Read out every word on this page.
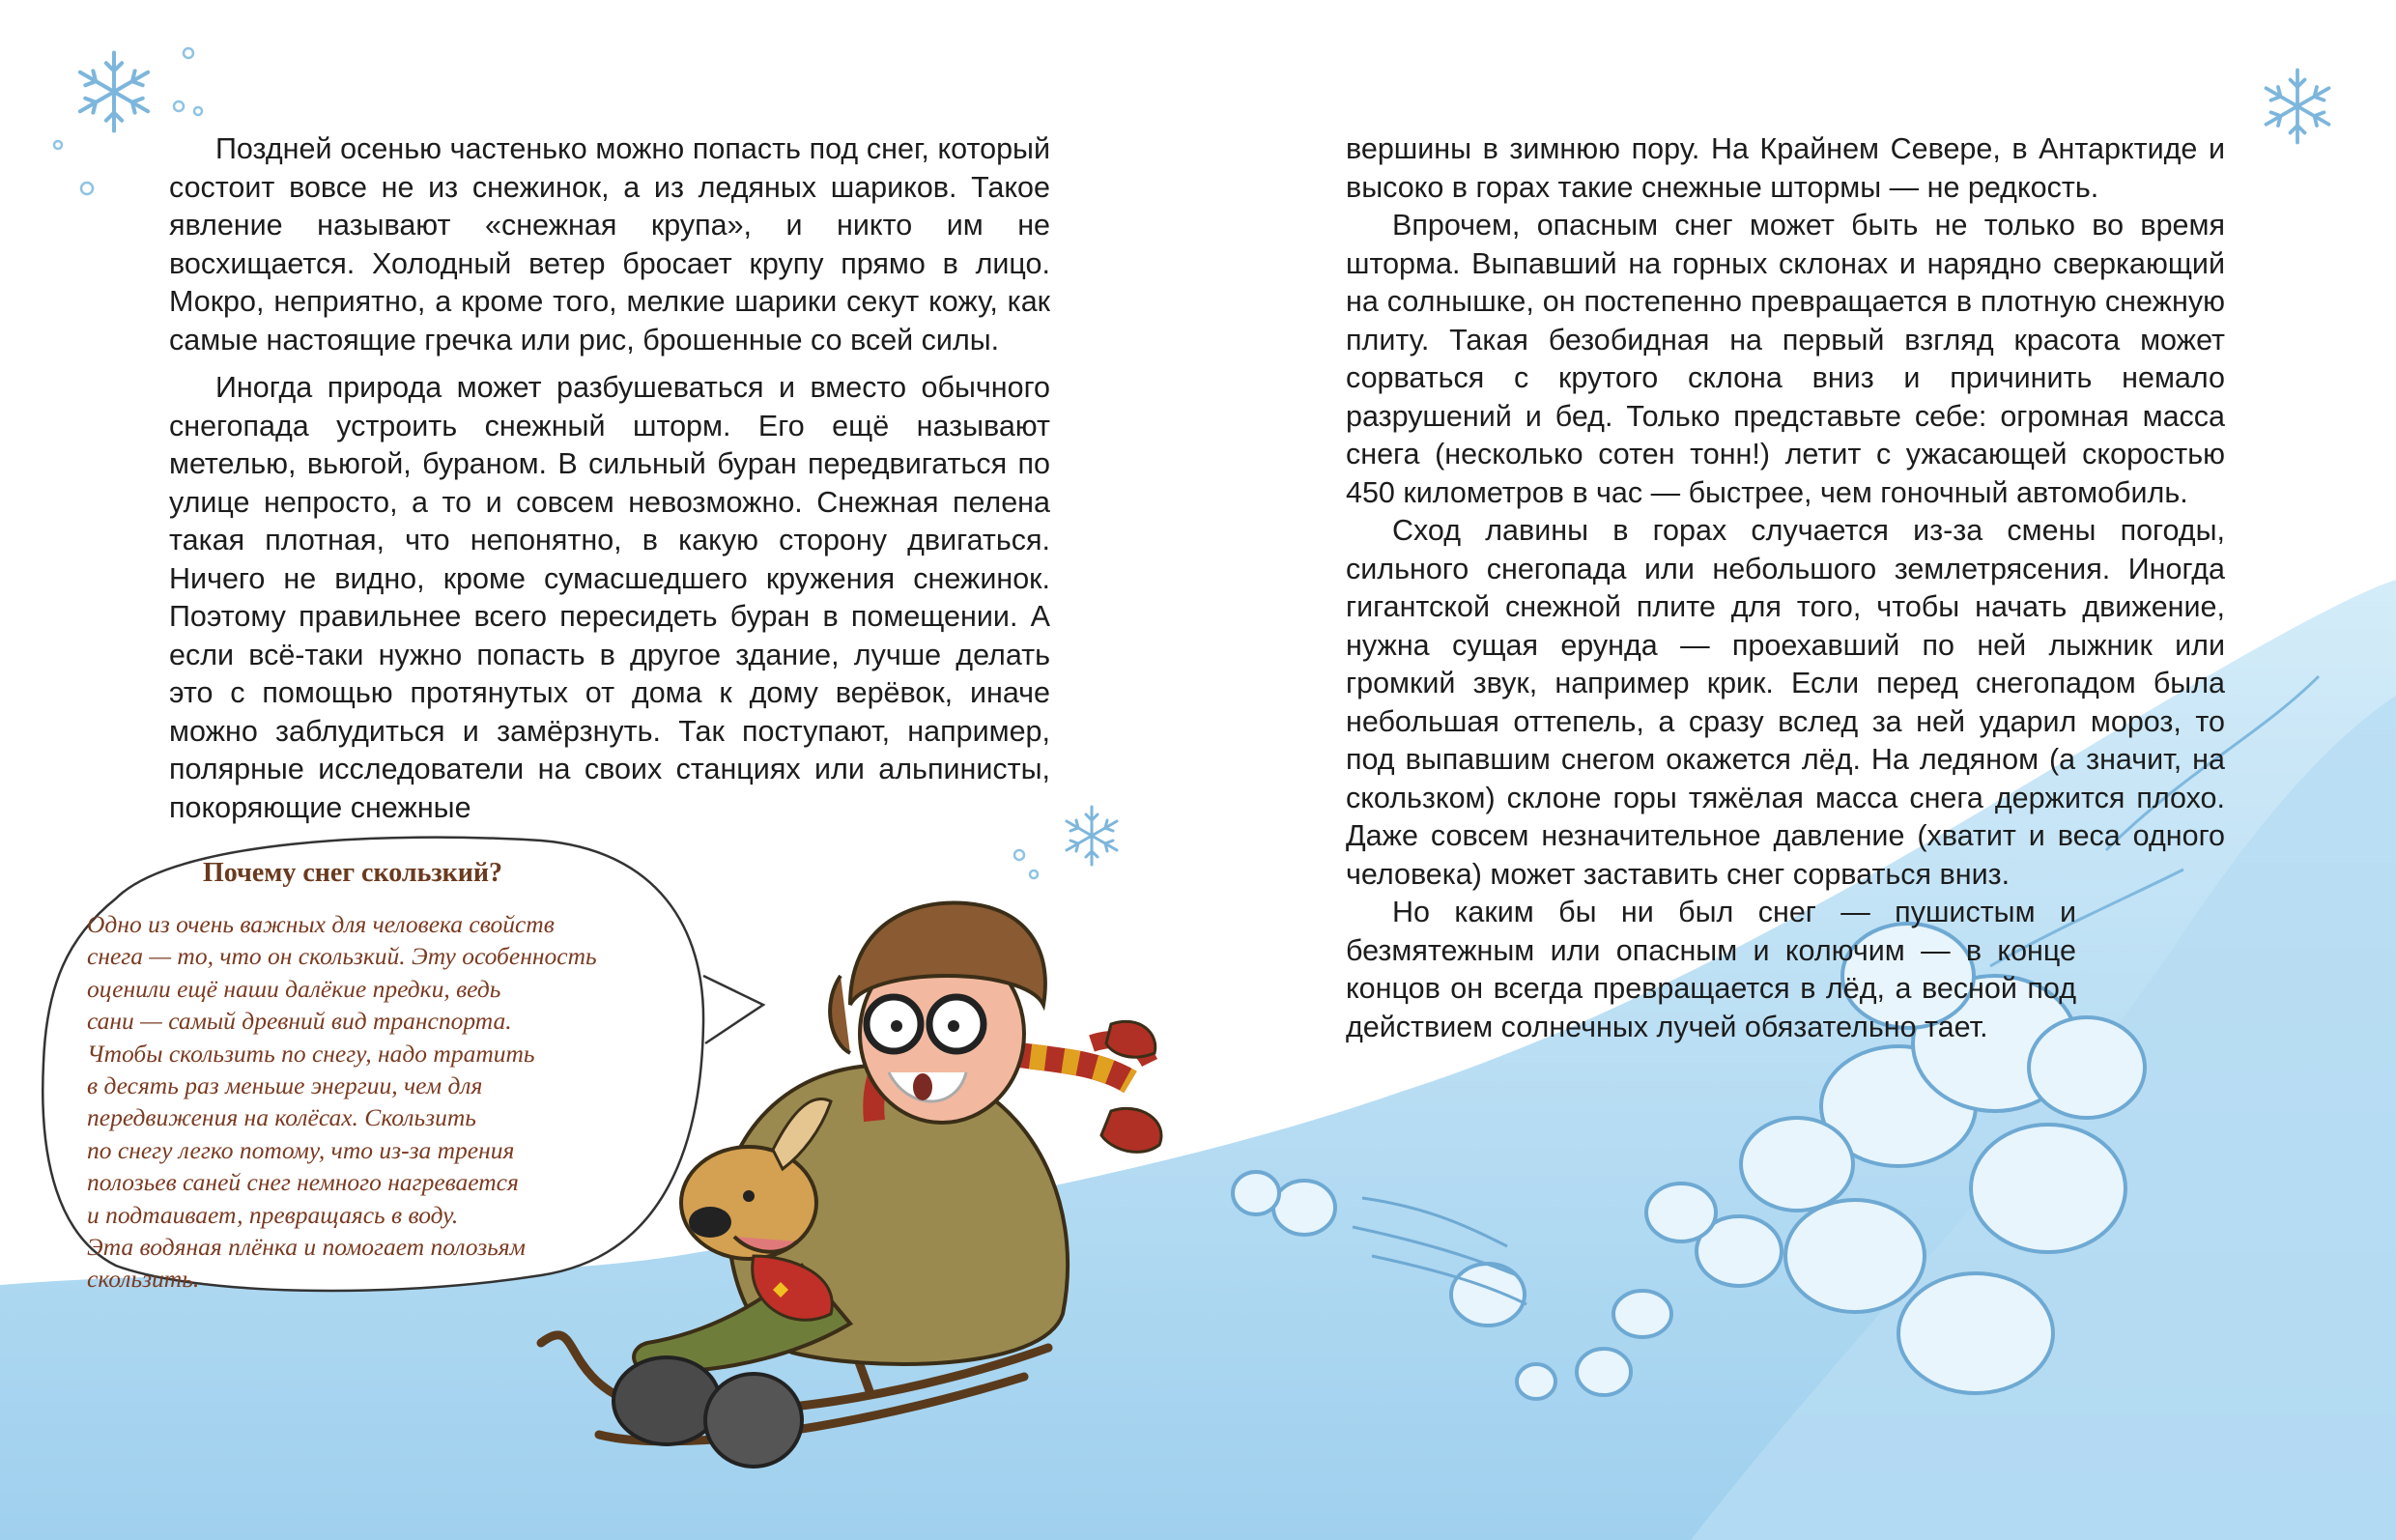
Поздней осенью частенько можно попасть под снег, который состоит вовсе не из снежинок, а из ледяных шариков. Такое явление называют «снежная крупа», и никто им не восхищается. Холодный ветер бросает крупу прямо в лицо. Мокро, неприятно, а кроме того, мелкие шарики секут кожу, как самые настоящие гречка или рис, брошенные со всей силы.

Иногда природа может разбушеваться и вместо обычного снегопада устроить снежный шторм. Его ещё называют метелью, вьюгой, бураном. В сильный буран передвигаться по улице непросто, а то и совсем невозможно. Снежная пелена такая плотная, что непонятно, в какую сторону двигаться. Ничего не видно, кроме сумасшедшего кружения снежинок. Поэтому правильнее всего пересидеть буран в помещении. А если всё-таки нужно попасть в другое здание, лучше делать это с помощью протянутых от дома к дому верёвок, иначе можно заблудиться и замёрзнуть. Так поступают, например, полярные исследователи на своих станциях или альпинисты, покоряющие снежные

вершины в зимнюю пору. На Крайнем Севере, в Антарктиде и высоко в горах такие снежные штормы — не редкость.

Впрочем, опасным снег может быть не только во время шторма. Выпавший на горных склонах и нарядно сверкающий на солнышке, он постепенно превращается в плотную снежную плиту. Такая безобидная на первый взгляд красота может сорваться с крутого склона вниз и причинить немало разрушений и бед. Только представьте себе: огромная масса снега (несколько сотен тонн!) летит с ужасающей скоростью 450 километров в час — быстрее, чем гоночный автомобиль.

Сход лавины в горах случается из-за смены погоды, сильного снегопада или небольшого землетрясения. Иногда гигантской снежной плите для того, чтобы начать движение, нужна сущая ерунда — проехавший по ней лыжник или громкий звук, например крик. Если перед снегопадом была небольшая оттепель, а сразу вслед за ней ударил мороз, то под выпавшим снегом окажется лёд. На ледяном (а значит, на скользком) склоне горы тяжёлая масса снега держится плохо. Даже совсем незначительное давление (хватит и веса одного человека) может заставить снег сорваться вниз.

Но каким бы ни был снег — пушистым и безмятежным или опасным и колючим — в конце концов он всегда превращается в лёд, а весной под действием солнечных лучей обязательно тает.

Почему снег скользкий?

Одно из очень важных для человека свойств

снега — то, что он скользкий. Эту особенность

оценили ещё наши далёкие предки, ведь

сани — самый древний вид транспорта.

Чтобы скользить по снегу, надо тратить

в десять раз меньше энергии, чем для

передвижения на колёсах. Скользить

по снегу легко потому, что из-за трения

полозьев саней снег немного нагревается

и подтаивает, превращаясь в воду.

Эта водяная плёнка и помогает полозьям

скользить.
